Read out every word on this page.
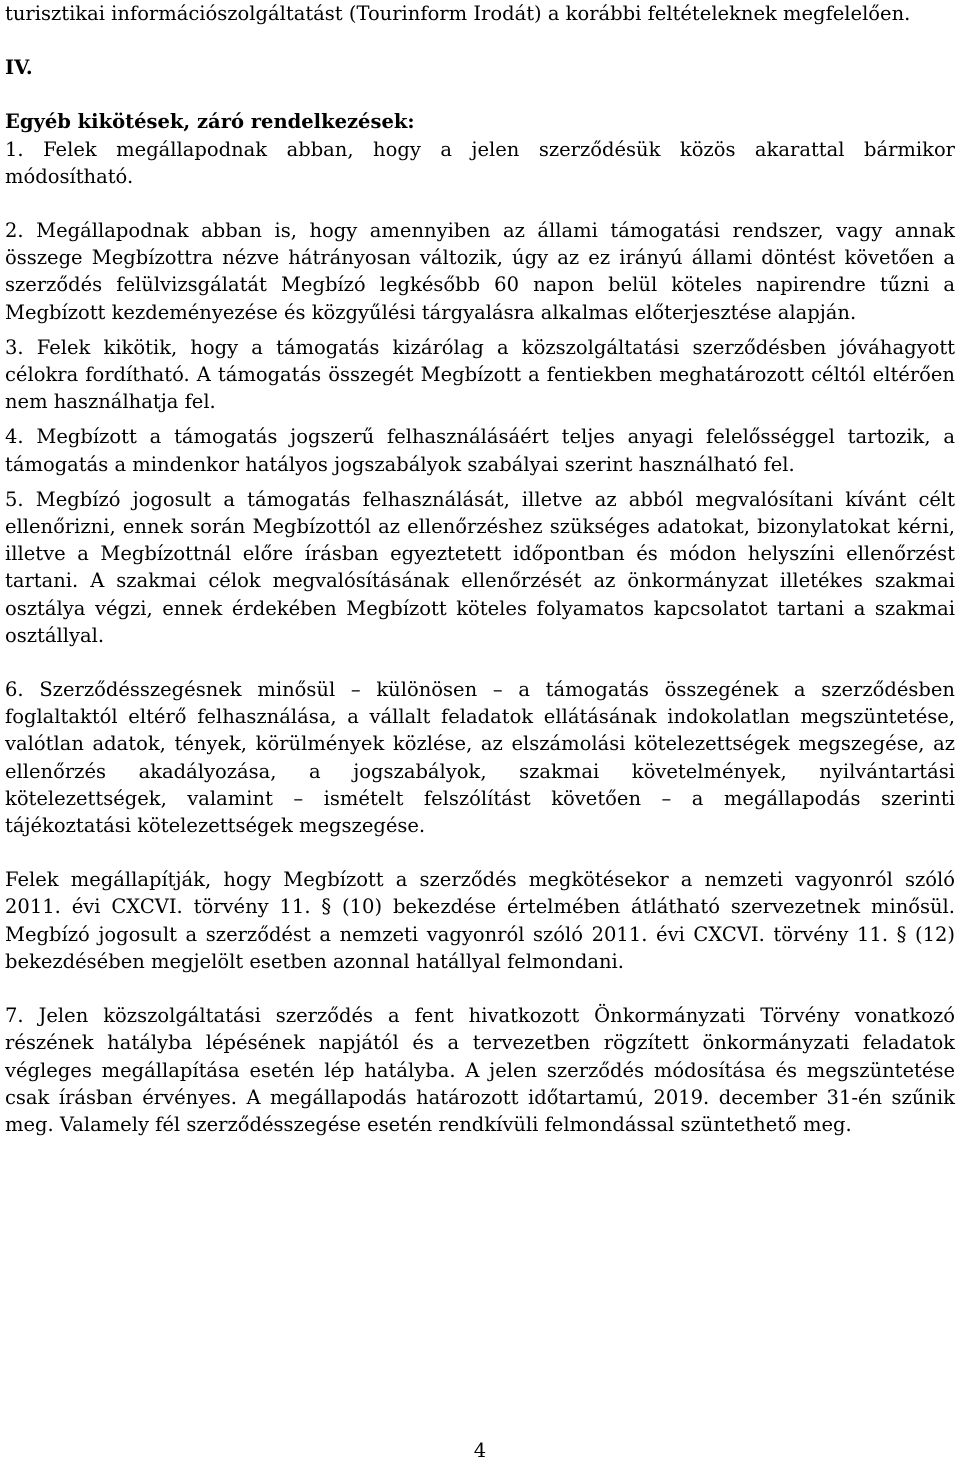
turisztikai információszolgáltatást (Tourinform Irodát) a korábbi feltételeknek megfelelően.

IV.

Egyéb kikötések, záró rendelkezések:

1. Felek megállapodnak abban, hogy a jelen szerződésük közös akarattal bármikor módosítható.

2. Megállapodnak abban is, hogy amennyiben az állami támogatási rendszer, vagy annak összege Megbízottra nézve hátrányosan változik, úgy az ez irányú állami döntést követően a szerződés felülvizsgálatát Megbízó legkésőbb 60 napon belül köteles napirendre tűzni a Megbízott kezdeményezése és közgyűlési tárgyalásra alkalmas előterjesztése alapján.

3. Felek kikötik, hogy a támogatás kizárólag a közszolgáltatási szerződésben jóváhagyott célokra fordítható. A támogatás összegét Megbízott a fentiekben meghatározott céltól eltérően nem használhatja fel.

4. Megbízott a támogatás jogszerű felhasználásáért teljes anyagi felelősséggel tartozik, a támogatás a mindenkor hatályos jogszabályok szabályai szerint használható fel.

5. Megbízó jogosult a támogatás felhasználását, illetve az abból megvalósítani kívánt célt ellenőrizni, ennek során Megbízottól az ellenőrzéshez szükséges adatokat, bizonylatokat kérni, illetve a Megbízottnál előre írásban egyeztetett időpontban és módon helyszíni ellenőrzést tartani. A szakmai célok megvalósításának ellenőrzését az önkormányzat illetékes szakmai osztálya végzi, ennek érdekében Megbízott köteles folyamatos kapcsolatot tartani a szakmai osztállyal.

6. Szerződésszegésnek minősül – különösen – a támogatás összegének a szerződésben foglaltaktól eltérő felhasználása, a vállalt feladatok ellátásának indokolatlan megszüntetése, valótlan adatok, tények, körülmények közlése, az elszámolási kötelezettségek megszegése, az ellenőrzés akadályozása, a jogszabályok, szakmai követelmények, nyilvántartási kötelezettségek, valamint – ismételt felszólítást követően – a megállapodás szerinti tájékoztatási kötelezettségek megszegése.

Felek megállapítják, hogy Megbízott a szerződés megkötésekor a nemzeti vagyonról szóló 2011. évi CXCVI. törvény 11. § (10) bekezdése értelmében átlátható szervezetnek minősül. Megbízó jogosult a szerződést a nemzeti vagyonról szóló 2011. évi CXCVI. törvény 11. § (12) bekezdésében megjelölt esetben azonnal hatállyal felmondani.

7. Jelen közszolgáltatási szerződés a fent hivatkozott Önkormányzati Törvény vonatkozó részének hatályba lépésének napjától és a tervezetben rögzített önkormányzati feladatok végleges megállapítása esetén lép hatályba. A jelen szerződés módosítása és megszüntetése csak írásban érvényes. A megállapodás határozott időtartamú, 2019. december 31-én szűnik meg. Valamely fél szerződésszegése esetén rendkívüli felmondással szüntethető meg.

4
